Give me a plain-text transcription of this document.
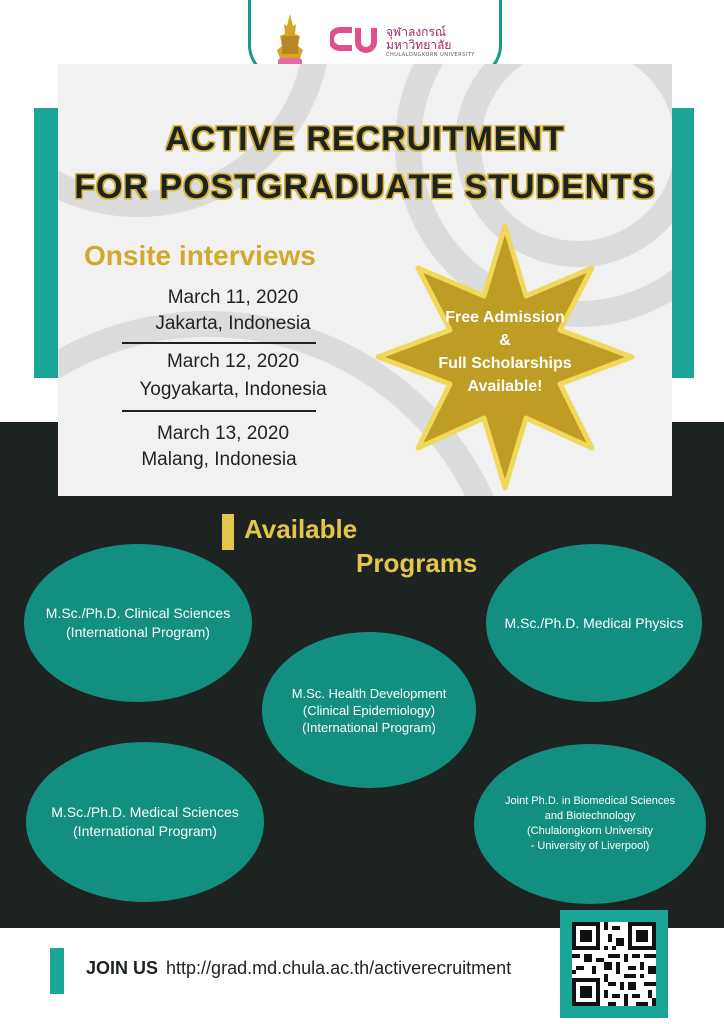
จุฬาลงกรณ์
มหาวิทยาลัย
CHULALONGKORN UNIVERSITY
ACTIVE RECRUITMENT
FOR POSTGRADUATE STUDENTS
Onsite interviews
March 11, 2020
Jakarta, Indonesia
March 12, 2020
Yogyakarta, Indonesia
March 13, 2020
Malang, Indonesia
Free Admission
&
Full Scholarships
Available!
Available
Programs
M.Sc./Ph.D. Clinical Sciences
(International Program)
M.Sc./Ph.D. Medical Physics
M.Sc. Health Development
(Clinical Epidemiology)
(International Program)
M.Sc./Ph.D. Medical Sciences
(International Program)
Joint Ph.D. in Biomedical Sciences
and Biotechnology
(Chulalongkorn University
- University of Liverpool)
JOIN US http://grad.md.chula.ac.th/activerecruitment
